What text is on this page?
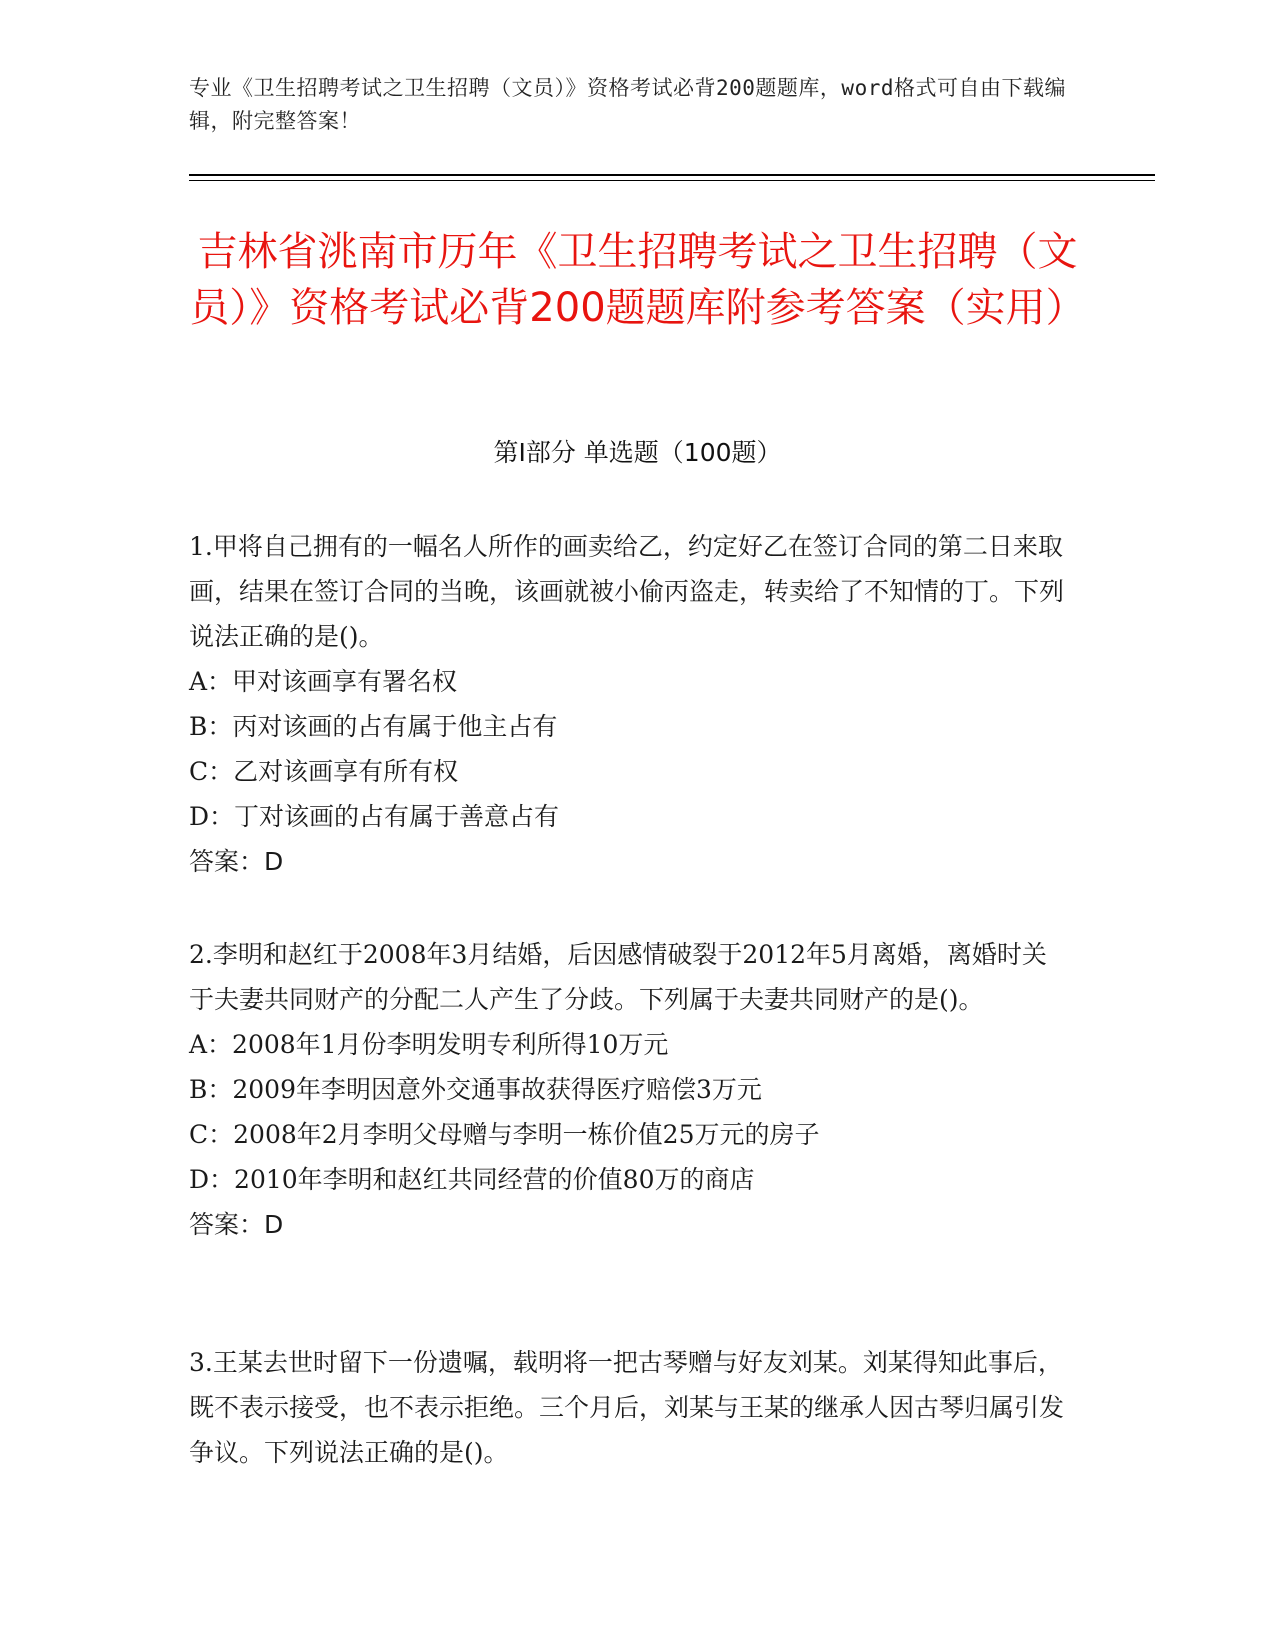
专业《卫生招聘考试之卫生招聘（文员）》资格考试必背200题题库，word格式可自由下载编辑，附完整答案！
吉林省洮南市历年《卫生招聘考试之卫生招聘（文员）》资格考试必背200题题库附参考答案（实用）
第I部分 单选题（100题）

1.甲将自己拥有的一幅名人所作的画卖给乙，约定好乙在签订合同的第二日来取画，结果在签订合同的当晚，该画就被小偷丙盗走，转卖给了不知情的丁。下列说法正确的是()。

A：甲对该画享有署名权

B：丙对该画的占有属于他主占有

C：乙对该画享有所有权

D：丁对该画的占有属于善意占有

答案：D

2.李明和赵红于2008年3月结婚，后因感情破裂于2012年5月离婚，离婚时关于夫妻共同财产的分配二人产生了分歧。下列属于夫妻共同财产的是()。

A：2008年1月份李明发明专利所得10万元

B：2009年李明因意外交通事故获得医疗赔偿3万元

C：2008年2月李明父母赠与李明一栋价值25万元的房子

D：2010年李明和赵红共同经营的价值80万的商店

答案：D

3.王某去世时留下一份遗嘱，载明将一把古琴赠与好友刘某。刘某得知此事后，既不表示接受，也不表示拒绝。三个月后，刘某与王某的继承人因古琴归属引发争议。下列说法正确的是()。
